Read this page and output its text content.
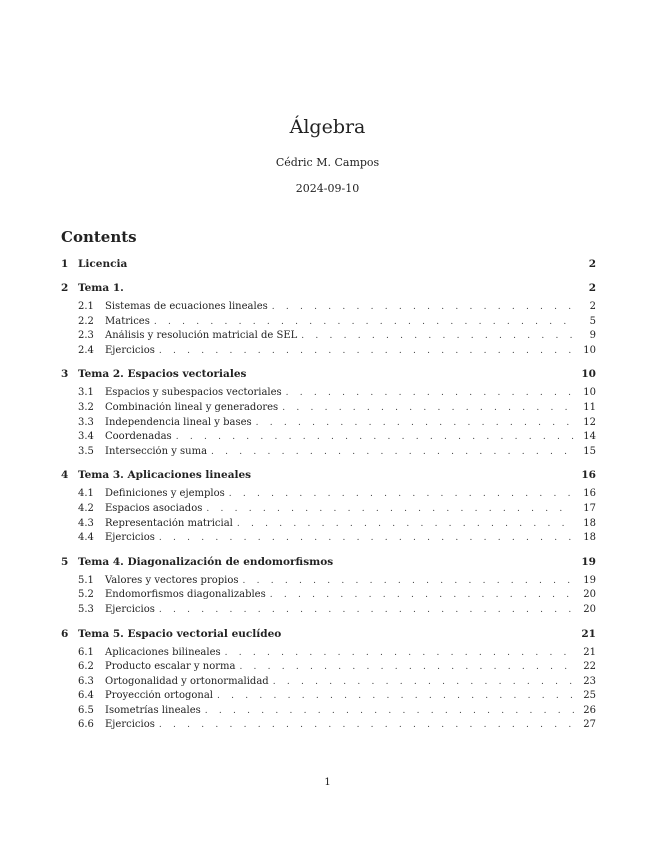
Álgebra
Cédric M. Campos
2024-09-10
Contents
1 Licencia	2
2 Tema 1.	2
2.1	Sistemas de ecuaciones lineales . . .	2
2.2	Matrices . . .	5
2.3	Análisis y resolución matricial de SEL . . .	9
2.4	Ejercicios . . .	10
3 Tema 2. Espacios vectoriales	10
3.1	Espacios y subespacios vectoriales . . .	10
3.2	Combinación lineal y generadores . . .	11
3.3	Independencia lineal y bases . . .	12
3.4	Coordenadas . . .	14
3.5	Intersección y suma . . .	15
4 Tema 3. Aplicaciones lineales	16
4.1	Definiciones y ejemplos . . .	16
4.2	Espacios asociados . . .	17
4.3	Representación matricial . . .	18
4.4	Ejercicios . . .	18
5 Tema 4. Diagonalización de endomorfismos	19
5.1	Valores y vectores propios . . .	19
5.2	Endomorfismos diagonalizables . . .	20
5.3	Ejercicios . . .	20
6 Tema 5. Espacio vectorial euclídeo	21
6.1	Aplicaciones bilineales . . .	21
6.2	Producto escalar y norma . . .	22
6.3	Ortogonalidad y ortonormalidad . . .	23
6.4	Proyección ortogonal . . .	25
6.5	Isometrías lineales . . .	26
6.6	Ejercicios . . .	27
1
